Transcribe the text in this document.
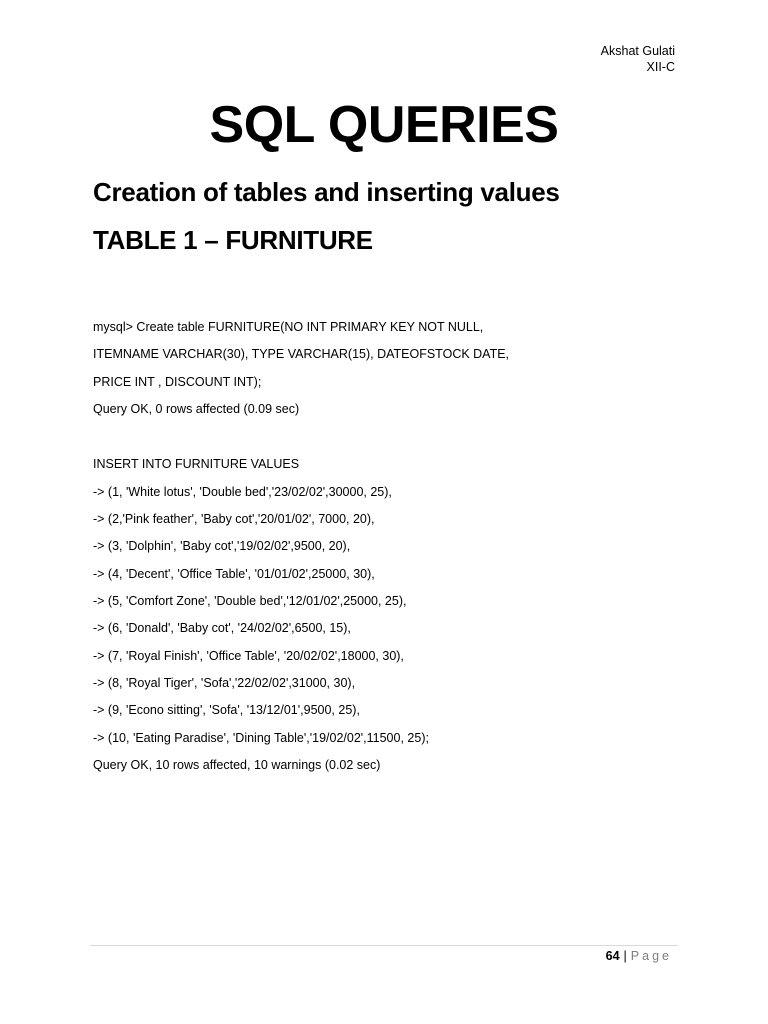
Akshat Gulati
XII-C
SQL QUERIES
Creation of tables and inserting values
TABLE 1 – FURNITURE
mysql> Create table FURNITURE(NO INT PRIMARY KEY NOT NULL,
ITEMNAME VARCHAR(30), TYPE VARCHAR(15), DATEOFSTOCK DATE,
PRICE INT , DISCOUNT INT);
Query OK, 0 rows affected (0.09 sec)
INSERT INTO FURNITURE VALUES
-> (1, 'White lotus', 'Double bed','23/02/02',30000, 25),
-> (2,'Pink feather', 'Baby cot','20/01/02', 7000, 20),
-> (3, 'Dolphin', 'Baby cot','19/02/02',9500, 20),
-> (4, 'Decent', 'Office Table', '01/01/02',25000, 30),
-> (5, 'Comfort Zone', 'Double bed','12/01/02',25000, 25),
-> (6, 'Donald', 'Baby cot', '24/02/02',6500, 15),
-> (7, 'Royal Finish', 'Office Table', '20/02/02',18000, 30),
-> (8, 'Royal Tiger', 'Sofa','22/02/02',31000, 30),
-> (9, 'Econo sitting', 'Sofa', '13/12/01',9500, 25),
-> (10, 'Eating Paradise', 'Dining Table','19/02/02',11500, 25);
Query OK, 10 rows affected, 10 warnings (0.02 sec)
64 | Page
